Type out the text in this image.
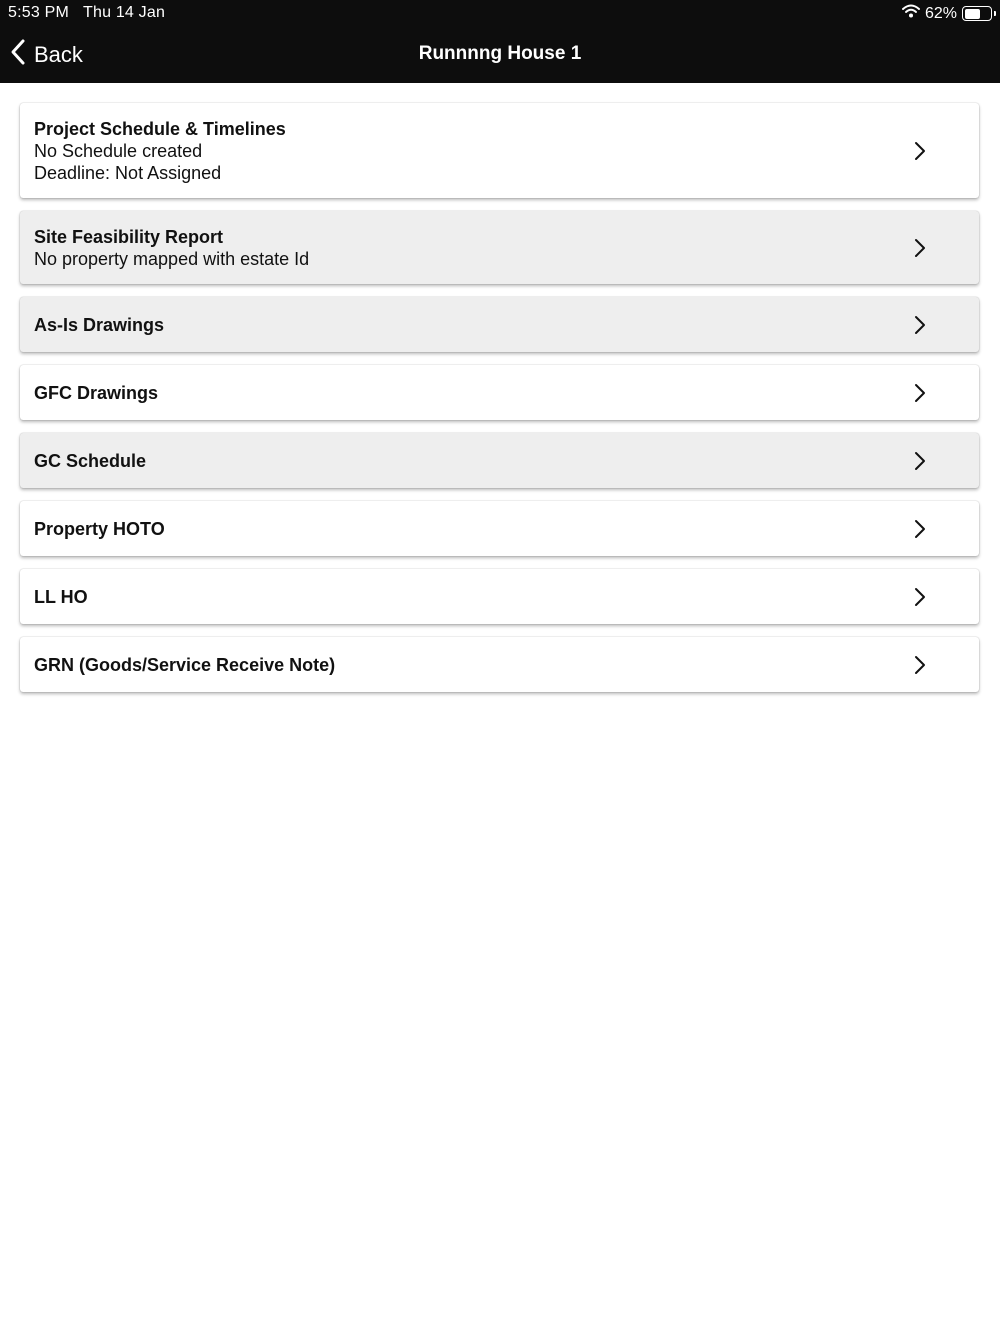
5:53 PM Thu 14 Jan	62%
Back	Runnnng House 1
Project Schedule & Timelines
No Schedule created
Deadline: Not Assigned
Site Feasibility Report
No property mapped with estate Id
As-Is Drawings
GFC Drawings
GC Schedule
Property HOTO
LL HO
GRN (Goods/Service Receive Note)
